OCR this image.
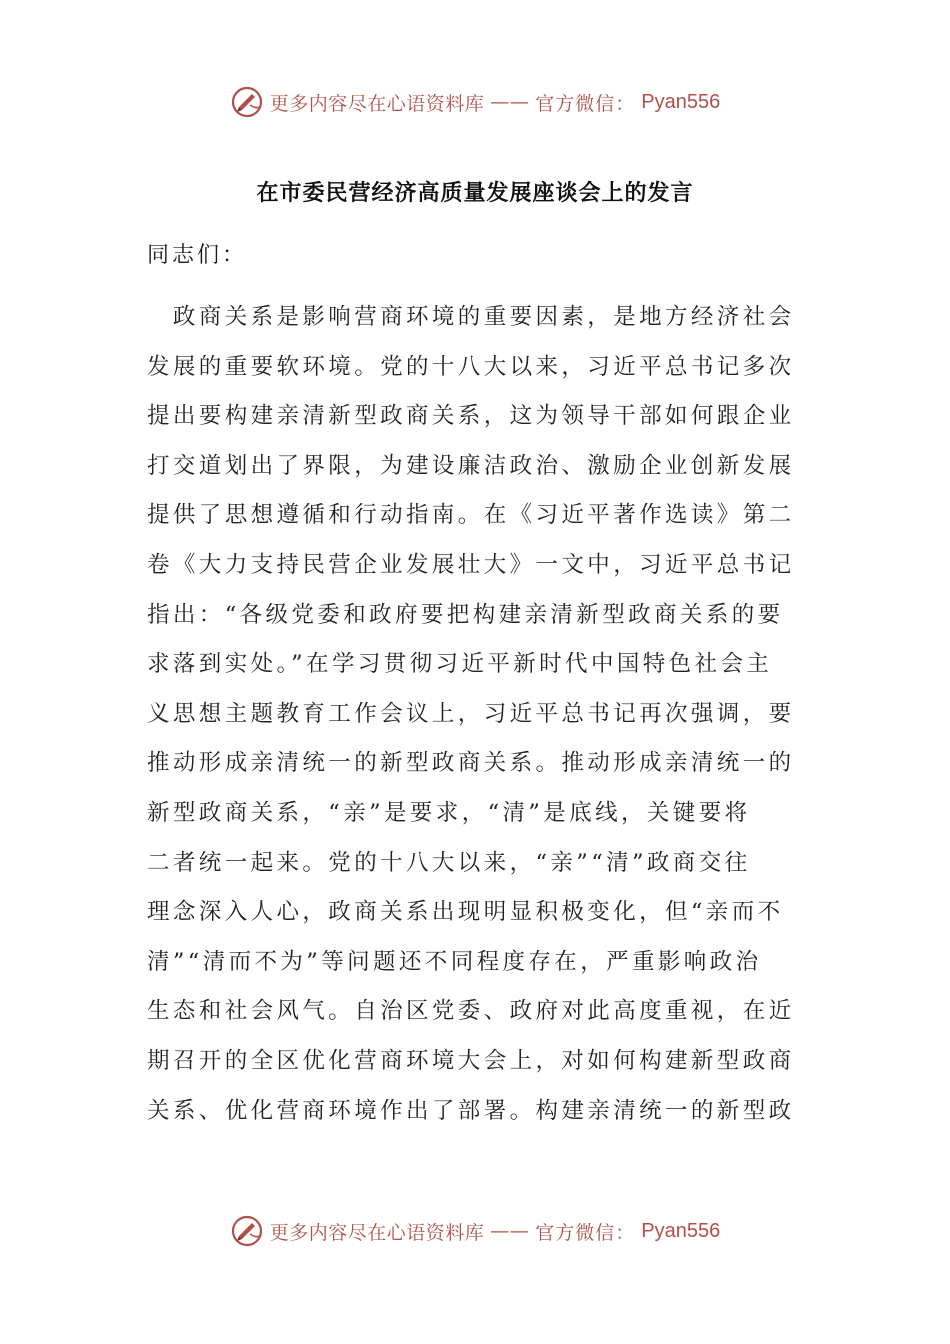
更多内容尽在心语资料库 —— 官方微信： Pyan556
在市委民营经济高质量发展座谈会上的发言
同志们：
　政商关系是影响营商环境的重要因素，是地方经济社会
发展的重要软环境。党的十八大以来，习近平总书记多次
提出要构建亲清新型政商关系，这为领导干部如何跟企业
打交道划出了界限，为建设廉洁政治、激励企业创新发展
提供了思想遵循和行动指南。在《习近平著作选读》第二
卷《大力支持民营企业发展壮大》一文中，习近平总书记
指出：“各级党委和政府要把构建亲清新型政商关系的要
求落到实处。”在学习贯彻习近平新时代中国特色社会主
义思想主题教育工作会议上，习近平总书记再次强调，要
推动形成亲清统一的新型政商关系。推动形成亲清统一的
新型政商关系，“亲”是要求，“清”是底线，关键要将
二者统一起来。党的十八大以来，“亲”“清”政商交往
理念深入人心，政商关系出现明显积极变化，但“亲而不
清”“清而不为”等问题还不同程度存在，严重影响政治
生态和社会风气。自治区党委、政府对此高度重视，在近
期召开的全区优化营商环境大会上，对如何构建新型政商
关系、优化营商环境作出了部署。构建亲清统一的新型政
更多内容尽在心语资料库 —— 官方微信： Pyan556
